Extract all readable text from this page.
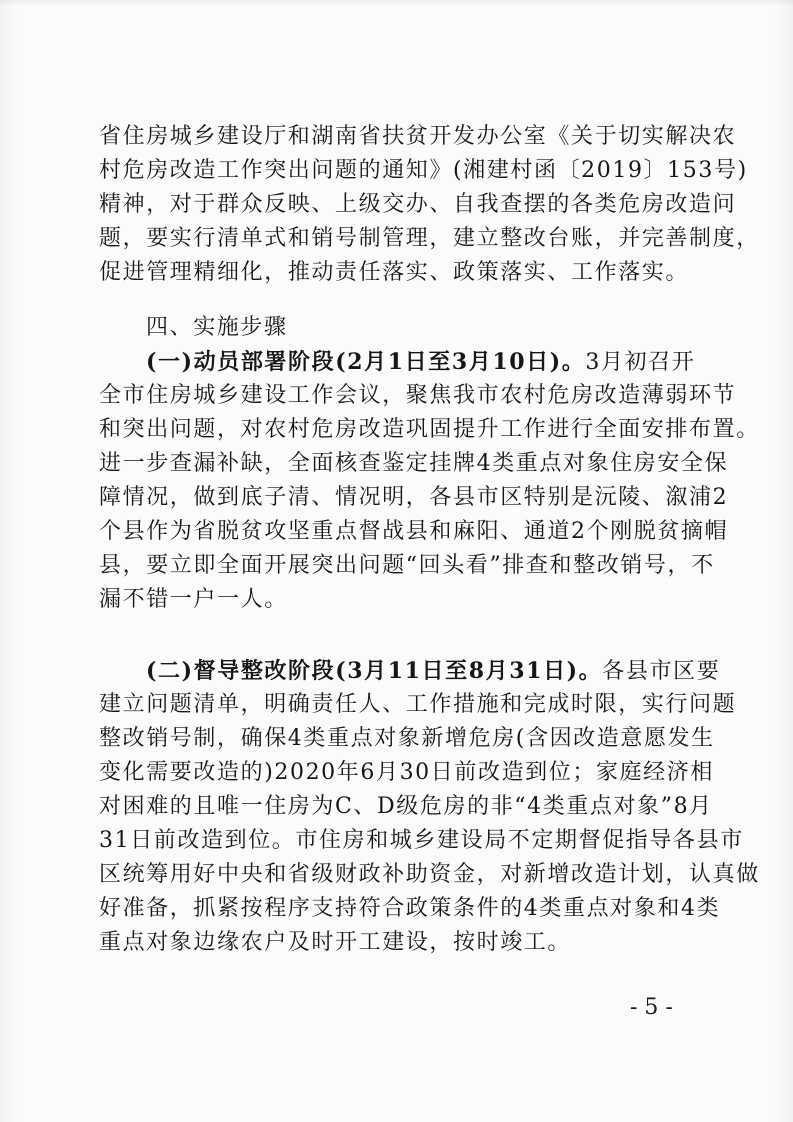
省住房城乡建设厅和湖南省扶贫开发办公室《关于切实解决农
村危房改造工作突出问题的通知》(湘建村函〔2019〕153号)
精神，对于群众反映、上级交办、自我查摆的各类危房改造问
题，要实行清单式和销号制管理，建立整改台账，并完善制度，
促进管理精细化，推动责任落实、政策落实、工作落实。
四、实施步骤
(一)动员部署阶段(2月1日至3月10日)。3月初召开
全市住房城乡建设工作会议，聚焦我市农村危房改造薄弱环节
和突出问题，对农村危房改造巩固提升工作进行全面安排布置。
进一步查漏补缺，全面核查鉴定挂牌4类重点对象住房安全保
障情况，做到底子清、情况明，各县市区特别是沅陵、溆浦2
个县作为省脱贫攻坚重点督战县和麻阳、通道2个刚脱贫摘帽
县，要立即全面开展突出问题“回头看”排查和整改销号，不
漏不错一户一人。
(二)督导整改阶段(3月11日至8月31日)。各县市区要
建立问题清单，明确责任人、工作措施和完成时限，实行问题
整改销号制，确保4类重点对象新增危房(含因改造意愿发生
变化需要改造的)2020年6月30日前改造到位；家庭经济相
对困难的且唯一住房为C、D级危房的非“4类重点对象”8月
31日前改造到位。市住房和城乡建设局不定期督促指导各县市
区统筹用好中央和省级财政补助资金，对新增改造计划，认真做
好准备，抓紧按程序支持符合政策条件的4类重点对象和4类
重点对象边缘农户及时开工建设，按时竣工。
- 5 -
